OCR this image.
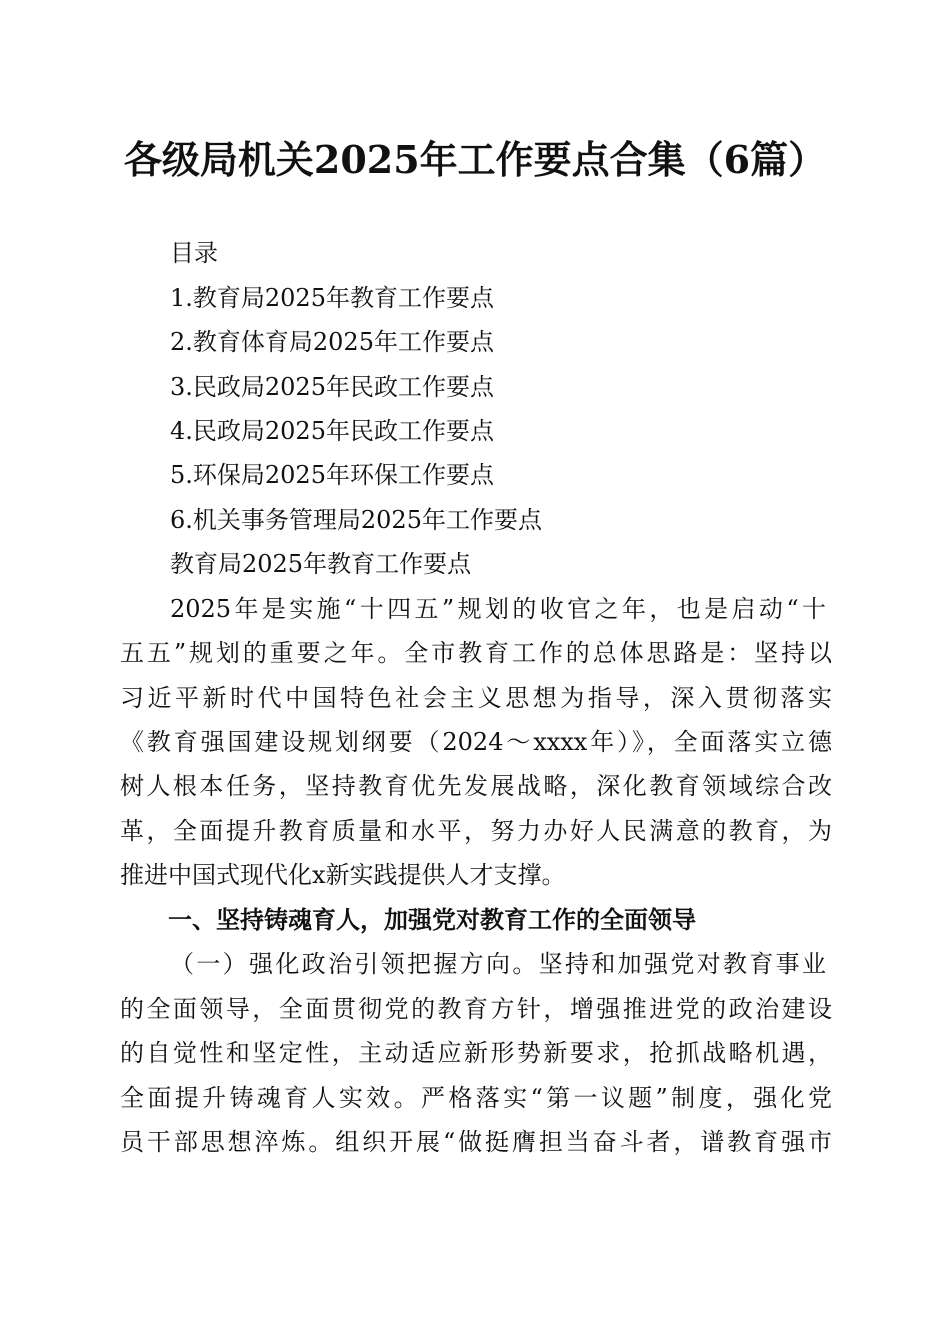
各级局机关2025年工作要点合集（6篇）
目录
1.教育局2025年教育工作要点
2.教育体育局2025年工作要点
3.民政局2025年民政工作要点
4.民政局2025年民政工作要点
5.环保局2025年环保工作要点
6.机关事务管理局2025年工作要点
教育局2025年教育工作要点
2025年是实施“十四五”规划的收官之年，也是启动“十
五五”规划的重要之年。全市教育工作的总体思路是：坚持以
习近平新时代中国特色社会主义思想为指导，深入贯彻落实
《教育强国建设规划纲要（2024～xxxx年）》，全面落实立德
树人根本任务，坚持教育优先发展战略，深化教育领域综合改
革，全面提升教育质量和水平，努力办好人民满意的教育，为
推进中国式现代化x新实践提供人才支撑。
一、坚持铸魂育人，加强党对教育工作的全面领导
（一）强化政治引领把握方向。坚持和加强党对教育事业
的全面领导，全面贯彻党的教育方针，增强推进党的政治建设
的自觉性和坚定性，主动适应新形势新要求，抢抓战略机遇，
全面提升铸魂育人实效。严格落实“第一议题”制度，强化党
员干部思想淬炼。组织开展“做挺膺担当奋斗者，谱教育强市
